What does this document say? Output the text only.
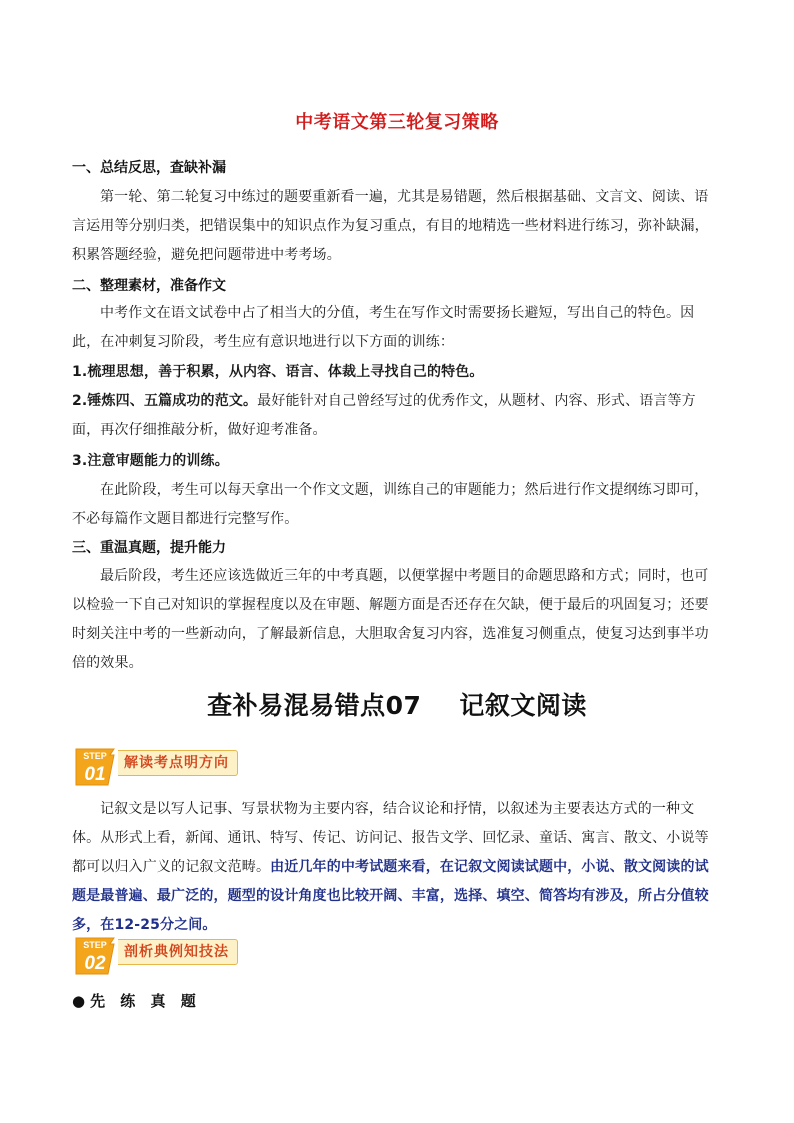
中考语文第三轮复习策略
一、总结反思，查缺补漏
第一轮、第二轮复习中练过的题要重新看一遍，尤其是易错题，然后根据基础、文言文、阅读、语言运用等分别归类，把错误集中的知识点作为复习重点，有目的地精选一些材料进行练习，弥补缺漏，积累答题经验，避免把问题带进中考考场。
二、整理素材，准备作文
中考作文在语文试卷中占了相当大的分值，考生在写作文时需要扬长避短，写出自己的特色。因此，在冲刺复习阶段，考生应有意识地进行以下方面的训练：
1.梳理思想，善于积累，从内容、语言、体裁上寻找自己的特色。
2.锤炼四、五篇成功的范文。最好能针对自己曾经写过的优秀作文，从题材、内容、形式、语言等方面，再次仔细推敲分析，做好迎考准备。
3.注意审题能力的训练。
在此阶段，考生可以每天拿出一个作文文题，训练自己的审题能力；然后进行作文提纲练习即可，不必每篇作文题目都进行完整写作。
三、重温真题，提升能力
最后阶段，考生还应该选做近三年的中考真题，以便掌握中考题目的命题思路和方式；同时，也可以检验一下自己对知识的掌握程度以及在审题、解题方面是否还存在欠缺，便于最后的巩固复习；还要时刻关注中考的一些新动向，了解最新信息，大胆取舍复习内容，选准复习侧重点，使复习达到事半功倍的效果。
查补易混易错点07 记叙文阅读
STEP
01
解读考点明方向
记叙文是以写人记事、写景状物为主要内容，结合议论和抒情，以叙述为主要表达方式的一种文体。从形式上看，新闻、通讯、特写、传记、访问记、报告文学、回忆录、童话、寓言、散文、小说等都可以归入广义的记叙文范畴。由近几年的中考试题来看，在记叙文阅读试题中，小说、散文阅读的试题是最普遍、最广泛的，题型的设计角度也比较开阔、丰富，选择、填空、简答均有涉及，所占分值较多，在12-25分之间。
STEP
02
剖析典例知技法
●先 练 真 题
